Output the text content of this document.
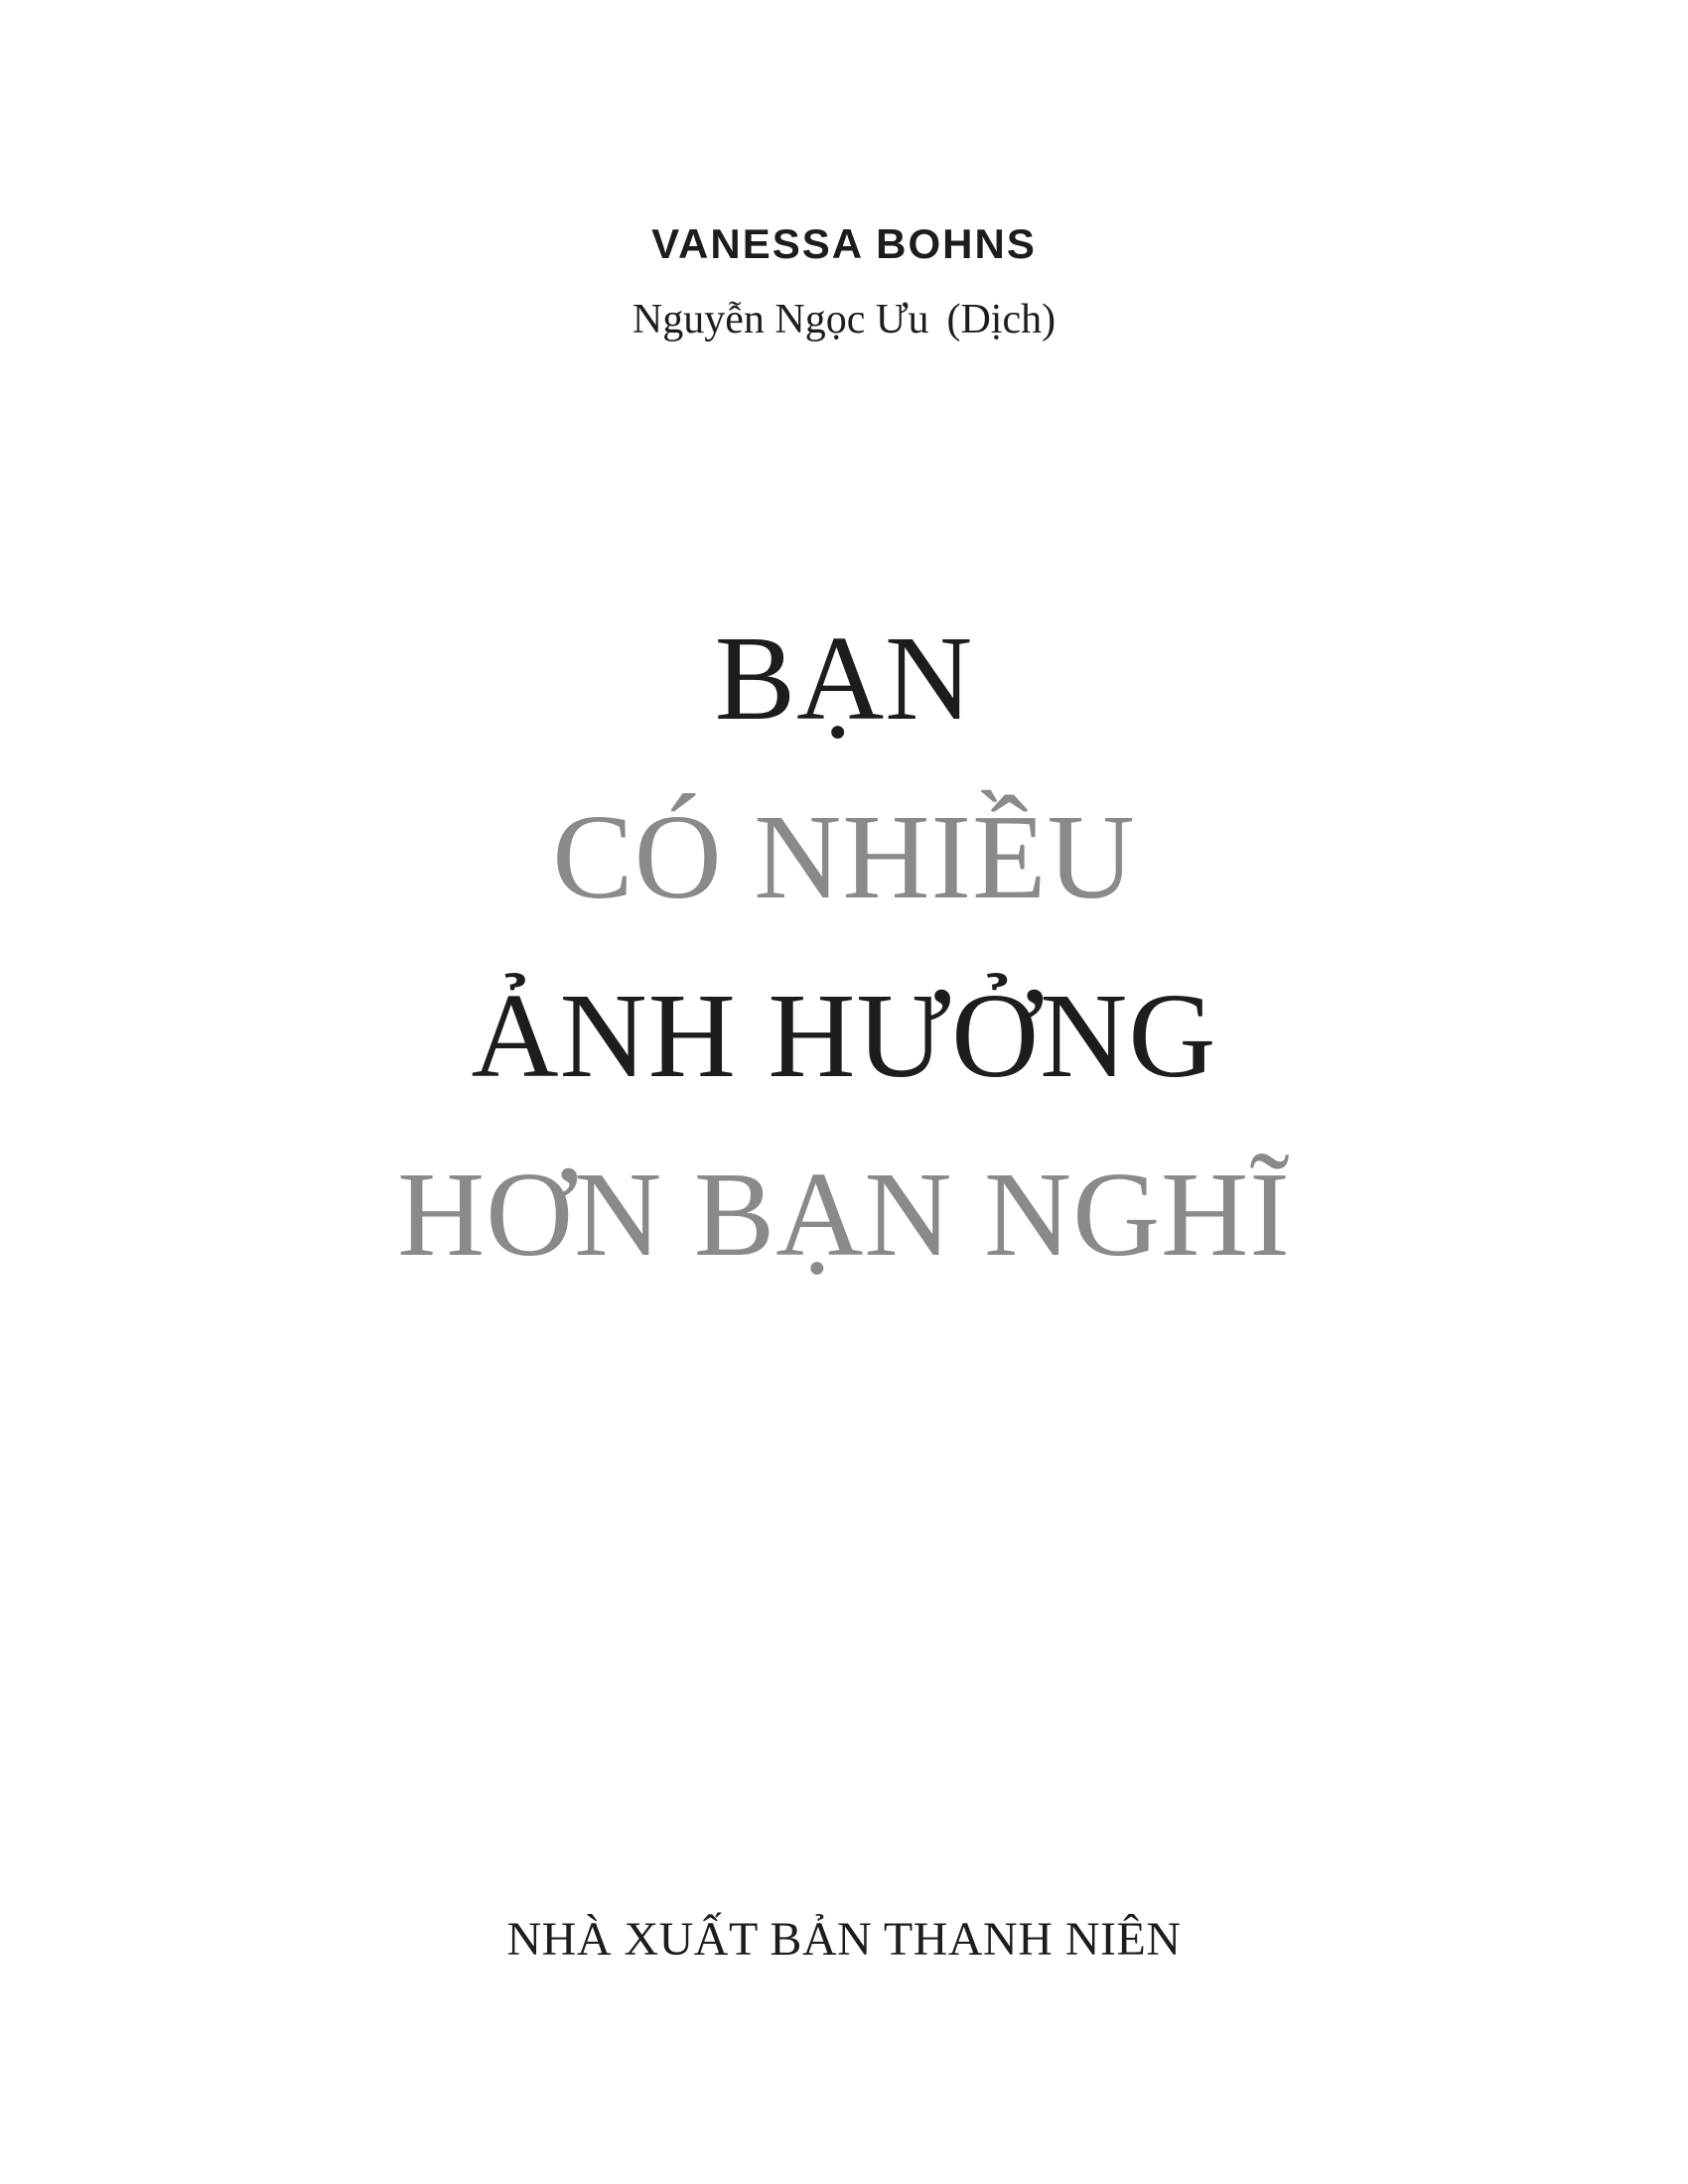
VANESSA BOHNS
Nguyễn Ngọc Ưu (Dịch)
BẠN
CÓ NHIỀU
ẢNH HƯỞNG
HƠN BẠN NGHĨ
NHÀ XUẤT BẢN THANH NIÊN
